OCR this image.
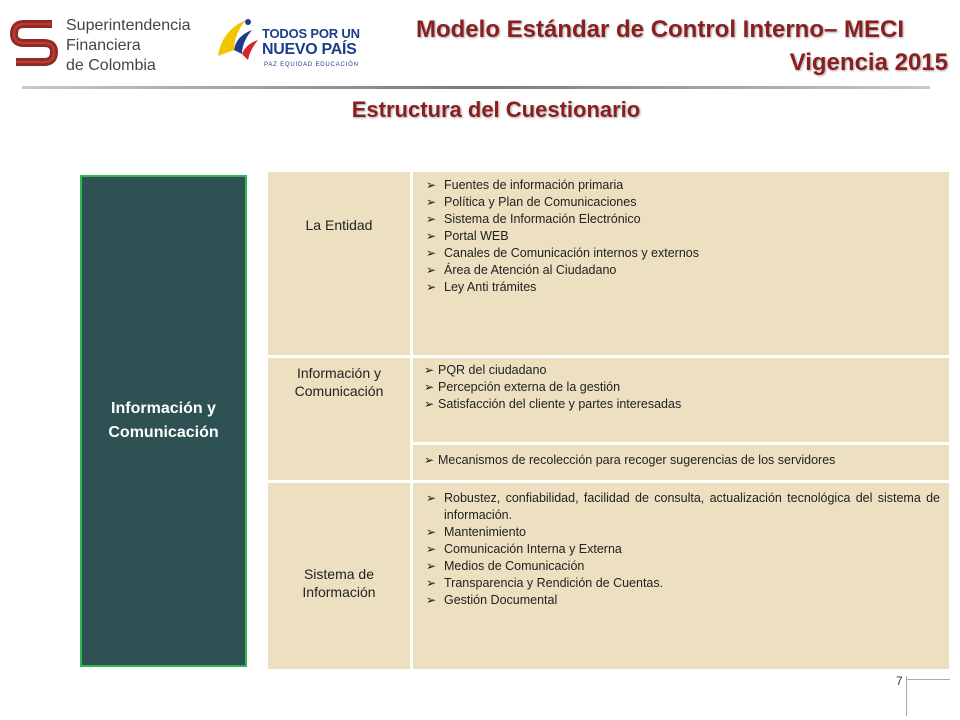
Superintendencia
Financiera
de Colombia
TODOS POR UN
NUEVO PAÍS
PAZ EQUIDAD EDUCACIÓN
Modelo Estándar de Control Interno– MECI
Vigencia 2015
Estructura del Cuestionario
Información y Comunicación
La Entidad
➢ Fuentes de información primaria
➢ Política y Plan de Comunicaciones
➢ Sistema de Información Electrónico
➢ Portal WEB
➢ Canales de Comunicación internos y externos
➢ Área de Atención al Ciudadano
➢ Ley Anti trámites
Información y Comunicación
➢ PQR del ciudadano
➢ Percepción externa de la gestión
➢ Satisfacción del cliente y partes interesadas
➢ Mecanismos de recolección para recoger sugerencias de los servidores
Sistema de Información
➢ Robustez, confiabilidad, facilidad de consulta, actualización tecnológica del sistema de información.
➢ Mantenimiento
➢ Comunicación Interna y Externa
➢ Medios de Comunicación
➢ Transparencia y Rendición de Cuentas.
➢ Gestión Documental
7
